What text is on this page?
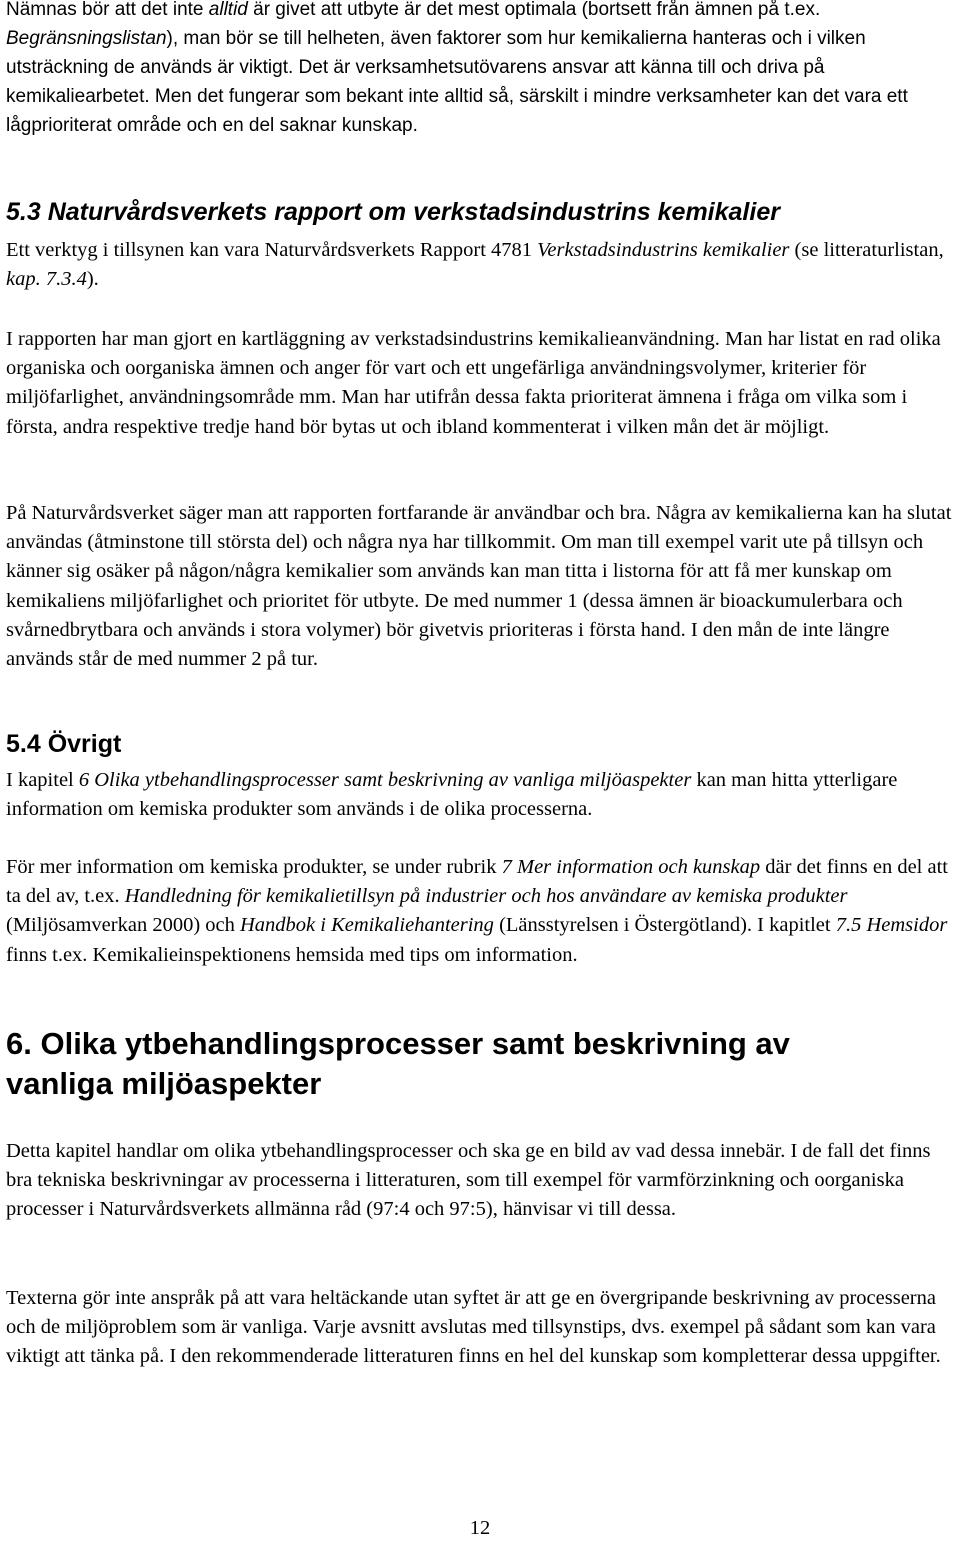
Nämnas bör att det inte alltid är givet att utbyte är det mest optimala (bortsett från ämnen på t.ex. Begränsningslistan), man bör se till helheten, även faktorer som hur kemikalierna hanteras och i vilken utsträckning de används är viktigt. Det är verksamhetsutövarens ansvar att känna till och driva på kemikaliearbetet. Men det fungerar som bekant inte alltid så, särskilt i mindre verksamheter kan det vara ett lågprioriterat område och en del saknar kunskap.

5.3 Naturvårdsverkets rapport om verkstadsindustrins kemikalier

Ett verktyg i tillsynen kan vara Naturvårdsverkets Rapport 4781 Verkstadsindustrins kemikalier (se litteraturlistan, kap. 7.3.4).

I rapporten har man gjort en kartläggning av verkstadsindustrins kemikalieanvändning. Man har listat en rad olika organiska och oorganiska ämnen och anger för vart och ett ungefärliga användningsvolymer, kriterier för miljöfarlighet, användningsområde mm. Man har utifrån dessa fakta prioriterat ämnena i fråga om vilka som i första, andra respektive tredje hand bör bytas ut och ibland kommenterat i vilken mån det är möjligt.

På Naturvårdsverket säger man att rapporten fortfarande är användbar och bra. Några av kemikalierna kan ha slutat användas (åtminstone till största del) och några nya har tillkommit. Om man till exempel varit ute på tillsyn och känner sig osäker på någon/några kemikalier som används kan man titta i listorna för att få mer kunskap om kemikaliens miljöfarlighet och prioritet för utbyte. De med nummer 1 (dessa ämnen är bioackumulerbara och svårnedbrytbara och används i stora volymer) bör givetvis prioriteras i första hand. I den mån de inte längre används står de med nummer 2 på tur.

5.4 Övrigt

I kapitel 6 Olika ytbehandlingsprocesser samt beskrivning av vanliga miljöaspekter kan man hitta ytterligare information om kemiska produkter som används i de olika processerna.

För mer information om kemiska produkter, se under rubrik 7 Mer information och kunskap där det finns en del att ta del av, t.ex. Handledning för kemikalietillsyn på industrier och hos användare av kemiska produkter (Miljösamverkan 2000) och Handbok i Kemikaliehantering (Länsstyrelsen i Östergötland). I kapitlet 7.5 Hemsidor finns t.ex. Kemikalieinspektionens hemsida med tips om information.

6. Olika ytbehandlingsprocesser samt beskrivning av
vanliga miljöaspekter

Detta kapitel handlar om olika ytbehandlingsprocesser och ska ge en bild av vad dessa innebär. I de fall det finns bra tekniska beskrivningar av processerna i litteraturen, som till exempel för varmförzinkning och oorganiska processer i Naturvårdsverkets allmänna råd (97:4 och 97:5), hänvisar vi till dessa.

Texterna gör inte anspråk på att vara heltäckande utan syftet är att ge en övergripande beskrivning av processerna och de miljöproblem som är vanliga. Varje avsnitt avslutas med tillsynstips, dvs. exempel på sådant som kan vara viktigt att tänka på. I den rekommenderade litteraturen finns en hel del kunskap som kompletterar dessa uppgifter.

12
